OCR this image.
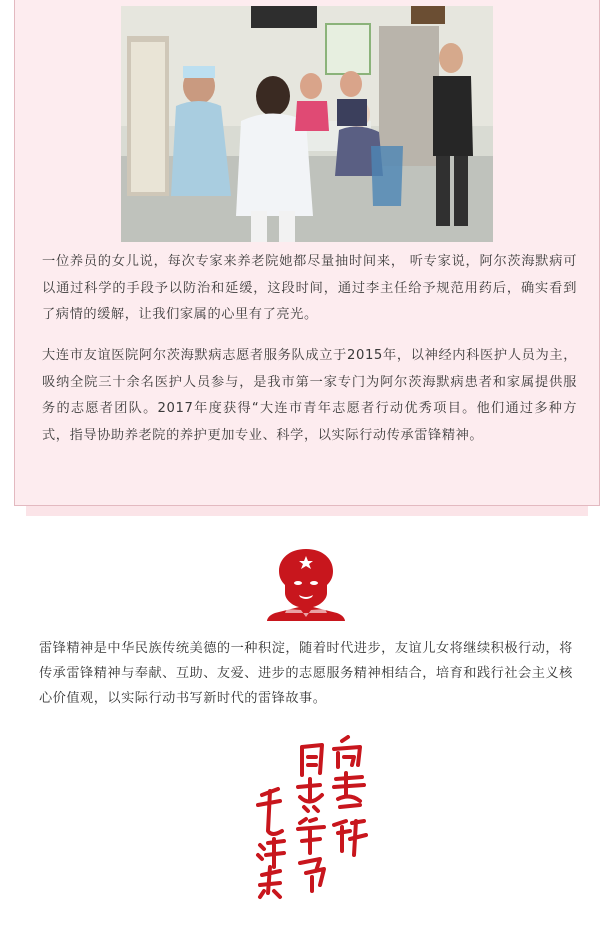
一位养员的女儿说，每次专家来养老院她都尽量抽时间来， 听专家说，阿尔茨海默病可以通过科学的手段予以防治和延缓，这段时间，通过李主任给予规范用药后，确实看到了病情的缓解，让我们家属的心里有了亮光。

大连市友谊医院阿尔茨海默病志愿者服务队成立于2015年，以神经内科医护人员为主，吸纳全院三十余名医护人员参与，是我市第一家专门为阿尔茨海默病患者和家属提供服务的志愿者团队。2017年度获得“大连市青年志愿者行动优秀项目。他们通过多种方式，指导协助养老院的养护更加专业、科学，以实际行动传承雷锋精神。

雷锋精神是中华民族传统美德的一种积淀，随着时代进步，友谊儿女将继续积极行动，将传承雷锋精神与奉献、互助、友爱、进步的志愿服务精神相结合，培育和践行社会主义核心价值观，以实际行动书写新时代的雷锋故事。
